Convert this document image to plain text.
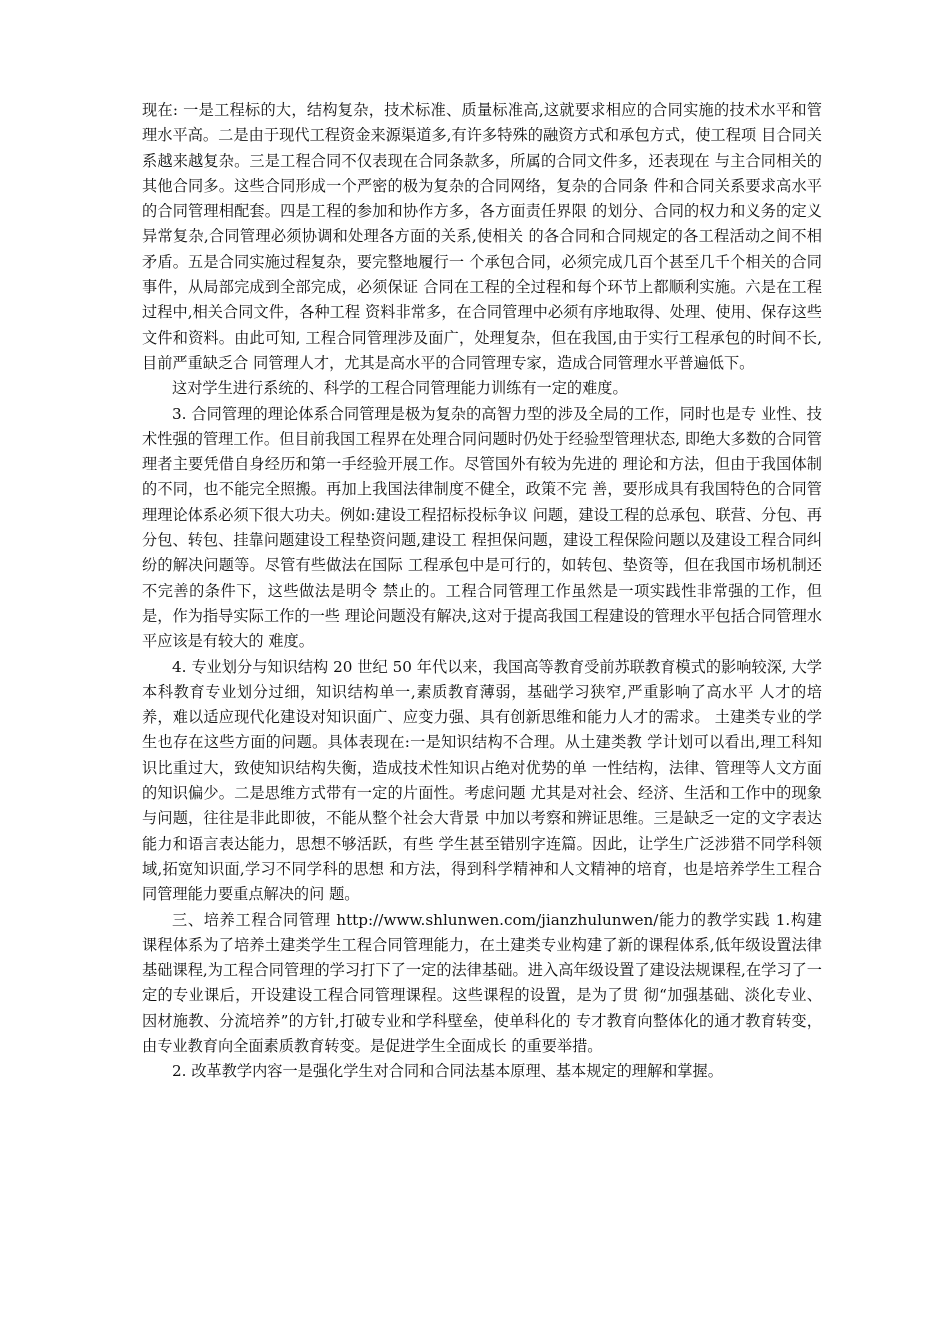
现在: 一是工程标的大，结构复杂，技术标准、质量标准高,这就要求相应的合同实施的技术水平和管 理水平高。二是由于现代工程资金来源渠道多,有许多特殊的融资方式和承包方式，使工程项 目合同关系越来越复杂。三是工程合同不仅表现在合同条款多，所属的合同文件多，还表现在 与主合同相关的其他合同多。这些合同形成一个严密的极为复杂的合同网络，复杂的合同条 件和合同关系要求高水平的合同管理相配套。四是工程的参加和协作方多，各方面责任界限 的划分、合同的权力和义务的定义异常复杂,合同管理必须协调和处理各方面的关系,使相关 的各合同和合同规定的各工程活动之间不相矛盾。五是合同实施过程复杂，要完整地履行一 个承包合同，必须完成几百个甚至几千个相关的合同事件，从局部完成到全部完成，必须保证 合同在工程的全过程和每个环节上都顺利实施。六是在工程过程中,相关合同文件，各种工程 资料非常多，在合同管理中必须有序地取得、处理、使用、保存这些文件和资料。由此可知, 工程合同管理涉及面广，处理复杂，但在我国,由于实行工程承包的时间不长,目前严重缺乏合 同管理人才，尤其是高水平的合同管理专家，造成合同管理水平普遍低下。

这对学生进行系统的、科学的工程合同管理能力训练有一定的难度。

3. 合同管理的理论体系合同管理是极为复杂的高智力型的涉及全局的工作，同时也是专 业性、技术性强的管理工作。但目前我国工程界在处理合同问题时仍处于经验型管理状态, 即绝大多数的合同管理者主要凭借自身经历和第一手经验开展工作。尽管国外有较为先进的 理论和方法，但由于我国体制的不同，也不能完全照搬。再加上我国法律制度不健全，政策不完 善，要形成具有我国特色的合同管理理论体系必须下很大功夫。例如:建设工程招标投标争议 问题，建设工程的总承包、联营、分包、再分包、转包、挂靠问题建设工程垫资问题,建设工 程担保问题，建设工程保险问题以及建设工程合同纠纷的解决问题等。尽管有些做法在国际 工程承包中是可行的，如转包、垫资等，但在我国市场机制还不完善的条件下，这些做法是明令 禁止的。工程合同管理工作虽然是一项实践性非常强的工作，但是，作为指导实际工作的一些 理论问题没有解决,这对于提高我国工程建设的管理水平包括合同管理水平应该是有较大的 难度。

4. 专业划分与知识结构 20 世纪 50 年代以来，我国高等教育受前苏联教育模式的影响较深, 大学本科教育专业划分过细，知识结构单一,素质教育薄弱，基础学习狭窄,严重影响了高水平 人才的培养，难以适应现代化建设对知识面广、应变力强、具有创新思维和能力人才的需求。 土建类专业的学生也存在这些方面的问题。具体表现在:一是知识结构不合理。从土建类教 学计划可以看出,理工科知识比重过大，致使知识结构失衡，造成技术性知识占绝对优势的单 一性结构，法律、管理等人文方面的知识偏少。二是思维方式带有一定的片面性。考虑问题 尤其是对社会、经济、生活和工作中的现象与问题，往往是非此即彼，不能从整个社会大背景 中加以考察和辨证思维。三是缺乏一定的文字表达能力和语言表达能力，思想不够活跃，有些 学生甚至错别字连篇。因此，让学生广泛涉猎不同学科领域,拓宽知识面,学习不同学科的思想 和方法，得到科学精神和人文精神的培育，也是培养学生工程合同管理能力要重点解决的问 题。

三、培养工程合同管理 http://www.shlunwen.com/jianzhulunwen/能力的教学实践 1.构建 课程体系为了培养土建类学生工程合同管理能力，在土建类专业构建了新的课程体系,低年级设置法律基础课程,为工程合同管理的学习打下了一定的法律基础。进入高年级设置了建设法规课程,在学习了一定的专业课后，开设建设工程合同管理课程。这些课程的设置，是为了贯 彻“加强基础、淡化专业、因材施教、分流培养”的方针,打破专业和学科壁垒，使单科化的 专才教育向整体化的通才教育转变，由专业教育向全面素质教育转变。是促进学生全面成长 的重要举措。

2. 改革教学内容一是强化学生对合同和合同法基本原理、基本规定的理解和掌握。
